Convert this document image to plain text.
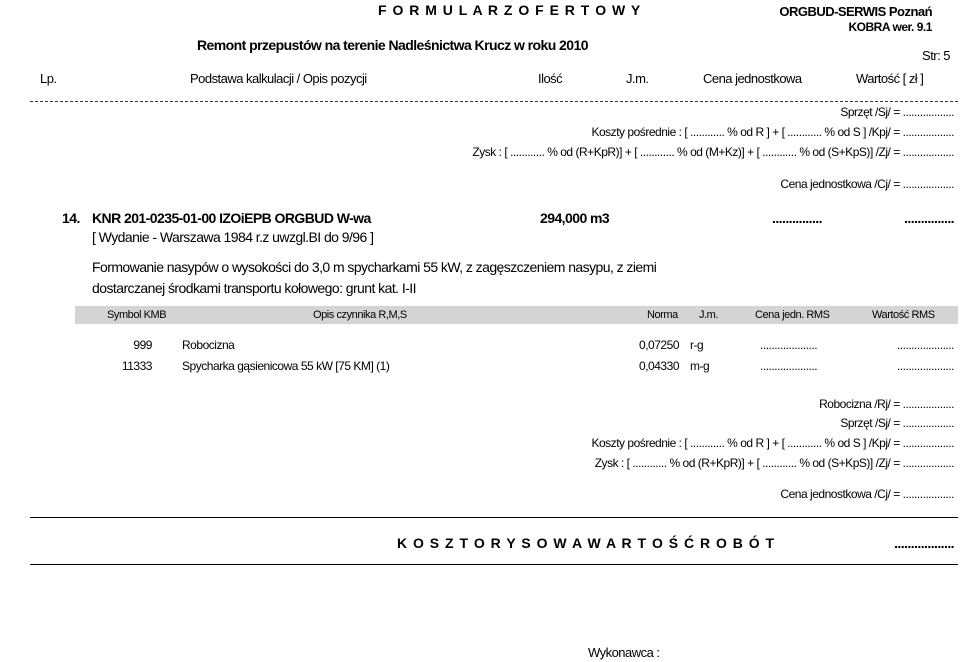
F O R M U L A R Z O F E R T O W Y	ORGBUD-SERWIS Poznań
KOBRA wer. 9.1
Remont przepustów na terenie Nadleśnictwa Krucz w roku 2010
Str: 5
Lp.	Podstawa kalkulacji / Opis pozycji	Ilość	J.m.	Cena jednostkowa	Wartość [ zł ]
Sprzęt /Sj/ = ..................
Koszty pośrednie : [ ............ % od R ] + [ ............ % od S ] /Kpj/ = ..................
Zysk : [ ............ % od (R+KpR)] + [ ............ % od (M+Kz)] + [ ............ % od (S+KpS)] /Zj/ = ..................
Cena jednostkowa /Cj/ = ..................
14. KNR 201-0235-01-00 IZOiEPB ORGBUD W-wa	294,000 m3	...............	...............
[ Wydanie - Warszawa 1984 r.z uwzgl.BI do 9/96 ]
Formowanie nasypów o wysokości do 3,0 m spycharkami 55 kW, z zagęszczeniem nasypu, z ziemi
dostarczanej środkami transportu kołowego: grunt kat. I-II
Symbol KMB	Opis czynnika R,M,S	Norma J.m.	Cena jedn. RMS	Wartość RMS
999	Robocizna	0,07250 r-g	....................	....................
11333	Spycharka gąsienicowa 55 kW [75 KM] (1)	0,04330 m-g	....................	....................
Robocizna /Rj/ = ..................
Sprzęt /Sj/ = ..................
Koszty pośrednie : [ ............ % od R ] + [ ............ % od S ] /Kpj/ = ..................
Zysk : [ ............ % od (R+KpR)] + [ ............ % od (S+KpS)] /Zj/ = ..................
Cena jednostkowa /Cj/ = ..................
K O S Z T O R Y S O W A W A R T O Ś Ć R O B Ó T	..................
Wykonawca :
